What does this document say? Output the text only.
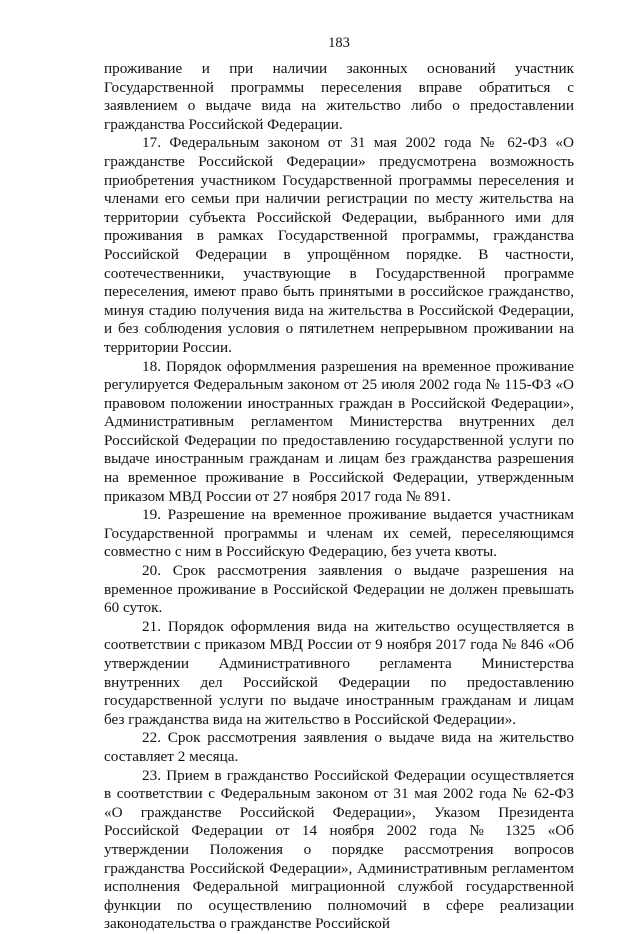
183

проживание и при наличии законных оснований участник Государственной программы переселения вправе обратиться с заявлением о выдаче вида на жительство либо о предоставлении гражданства Российской Федерации.

17. Федеральным законом от 31 мая 2002 года № 62-ФЗ «О гражданстве Российской Федерации» предусмотрена возможность приобретения участником Государственной программы переселения и членами его семьи при наличии регистрации по месту жительства на территории субъекта Российской Федерации, выбранного ими для проживания в рамках Государственной программы, гражданства Российской Федерации в упрощённом порядке. В частности, соотечественники, участвующие в Государственной программе переселения, имеют право быть принятыми в российское гражданство, минуя стадию получения вида на жительства в Российской Федерации, и без соблюдения условия о пятилетнем непрерывном проживании на территории России.

18. Порядок оформлмения разрешения на временное проживание регулируется Федеральным законом от 25 июля 2002 года № 115-ФЗ «О правовом положении иностранных граждан в Российской Федерации», Административным регламентом Министерства внутренних дел Российской Федерации по предоставлению государственной услуги по выдаче иностранным гражданам и лицам без гражданства разрешения на временное проживание в Российской Федерации, утвержденным приказом МВД России от 27 ноября 2017 года № 891.

19. Разрешение на временное проживание выдается участникам Государственной программы и членам их семей, переселяющимся совместно с ним в Российскую Федерацию, без учета квоты.

20. Срок рассмотрения заявления о выдаче разрешения на временное проживание в Российской Федерации не должен превышать 60 суток.

21. Порядок оформления вида на жительство осуществляется в соответствии с приказом МВД России от 9 ноября 2017 года № 846 «Об утверждении Административного регламента Министерства внутренних дел Российской Федерации по предоставлению государственной услуги по выдаче иностранным гражданам и лицам без гражданства вида на жительство в Российской Федерации».

22. Срок рассмотрения заявления о выдаче вида на жительство составляет 2 месяца.

23. Прием в гражданство Российской Федерации осуществляется в соответствии с Федеральным законом от 31 мая 2002 года № 62-ФЗ «О гражданстве Российской Федерации», Указом Президента Российской Федерации от 14 ноября 2002 года № 1325 «Об утверждении Положения о порядке рассмотрения вопросов гражданства Российской Федерации», Административным регламентом исполнения Федеральной миграционной службой государственной функции по осуществлению полномочий в сфере реализации законодательства о гражданстве Российской
